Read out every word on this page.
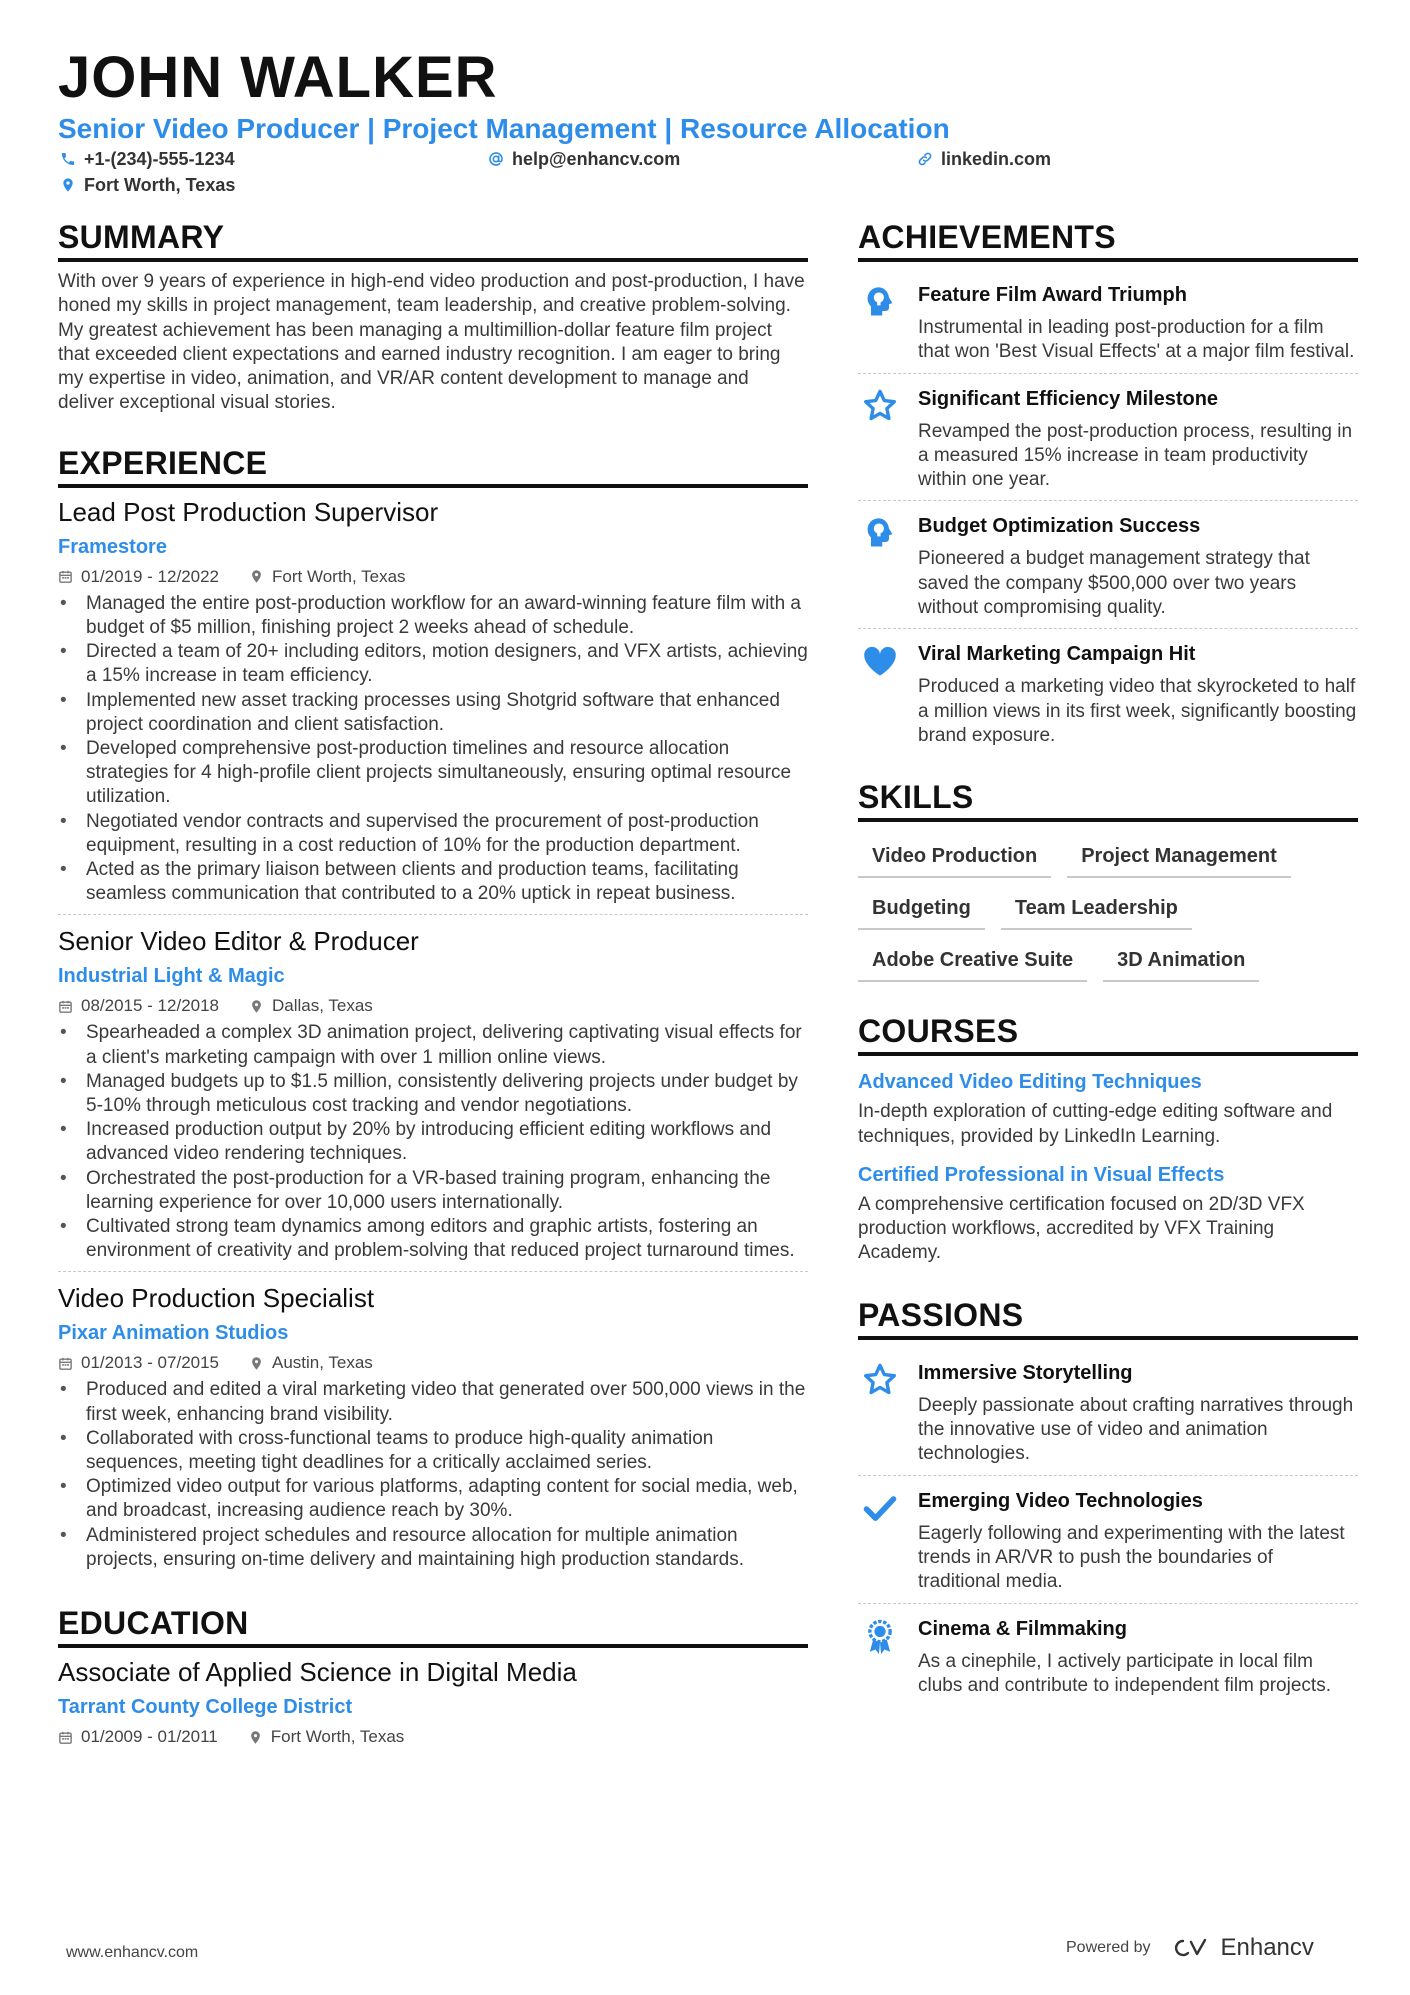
JOHN WALKER
Senior Video Producer | Project Management | Resource Allocation
+1-(234)-555-1234	help@enhancv.com	linkedin.com
Fort Worth, Texas
SUMMARY
With over 9 years of experience in high-end video production and post-production, I have honed my skills in project management, team leadership, and creative problem-solving. My greatest achievement has been managing a multimillion-dollar feature film project that exceeded client expectations and earned industry recognition. I am eager to bring my expertise in video, animation, and VR/AR content development to manage and deliver exceptional visual stories.
EXPERIENCE
Lead Post Production Supervisor
Framestore
01/2019 - 12/2022	Fort Worth, Texas
• Managed the entire post-production workflow for an award-winning feature film with a budget of $5 million, finishing project 2 weeks ahead of schedule.
• Directed a team of 20+ including editors, motion designers, and VFX artists, achieving a 15% increase in team efficiency.
• Implemented new asset tracking processes using Shotgrid software that enhanced project coordination and client satisfaction.
• Developed comprehensive post-production timelines and resource allocation strategies for 4 high-profile client projects simultaneously, ensuring optimal resource utilization.
• Negotiated vendor contracts and supervised the procurement of post-production equipment, resulting in a cost reduction of 10% for the production department.
• Acted as the primary liaison between clients and production teams, facilitating seamless communication that contributed to a 20% uptick in repeat business.
Senior Video Editor & Producer
Industrial Light & Magic
08/2015 - 12/2018	Dallas, Texas
• Spearheaded a complex 3D animation project, delivering captivating visual effects for a client's marketing campaign with over 1 million online views.
• Managed budgets up to $1.5 million, consistently delivering projects under budget by 5-10% through meticulous cost tracking and vendor negotiations.
• Increased production output by 20% by introducing efficient editing workflows and advanced video rendering techniques.
• Orchestrated the post-production for a VR-based training program, enhancing the learning experience for over 10,000 users internationally.
• Cultivated strong team dynamics among editors and graphic artists, fostering an environment of creativity and problem-solving that reduced project turnaround times.
Video Production Specialist
Pixar Animation Studios
01/2013 - 07/2015	Austin, Texas
• Produced and edited a viral marketing video that generated over 500,000 views in the first week, enhancing brand visibility.
• Collaborated with cross-functional teams to produce high-quality animation sequences, meeting tight deadlines for a critically acclaimed series.
• Optimized video output for various platforms, adapting content for social media, web, and broadcast, increasing audience reach by 30%.
• Administered project schedules and resource allocation for multiple animation projects, ensuring on-time delivery and maintaining high production standards.
EDUCATION
Associate of Applied Science in Digital Media
Tarrant County College District
01/2009 - 01/2011	Fort Worth, Texas
ACHIEVEMENTS
Feature Film Award Triumph
Instrumental in leading post-production for a film that won 'Best Visual Effects' at a major film festival.
Significant Efficiency Milestone
Revamped the post-production process, resulting in a measured 15% increase in team productivity within one year.
Budget Optimization Success
Pioneered a budget management strategy that saved the company $500,000 over two years without compromising quality.
Viral Marketing Campaign Hit
Produced a marketing video that skyrocketed to half a million views in its first week, significantly boosting brand exposure.
SKILLS
Video Production	Project Management
Budgeting	Team Leadership
Adobe Creative Suite	3D Animation
COURSES
Advanced Video Editing Techniques
In-depth exploration of cutting-edge editing software and techniques, provided by LinkedIn Learning.
Certified Professional in Visual Effects
A comprehensive certification focused on 2D/3D VFX production workflows, accredited by VFX Training Academy.
PASSIONS
Immersive Storytelling
Deeply passionate about crafting narratives through the innovative use of video and animation technologies.
Emerging Video Technologies
Eagerly following and experimenting with the latest trends in AR/VR to push the boundaries of traditional media.
Cinema & Filmmaking
As a cinephile, I actively participate in local film clubs and contribute to independent film projects.
www.enhancv.com	Powered by	Enhancv
